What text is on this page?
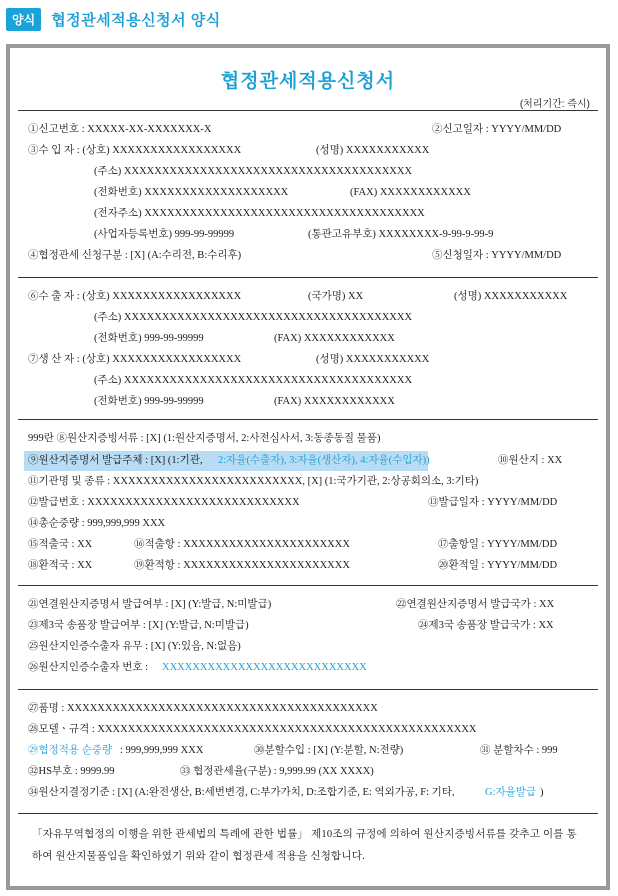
양식	협정관세적용신청서 양식
협정관세적용신청서
(처리기간: 즉시)
①신고번호 : XXXXX-XX-XXXXXXX-X	②신고일자 : YYYY/MM/DD
③수 입 자 : (상호) XXXXXXXXXXXXXXXXX	(성명) XXXXXXXXXXX
(주소) XXXXXXXXXXXXXXXXXXXXXXXXXXXXXXXXXXXXXX
(전화번호) XXXXXXXXXXXXXXXXXXX	(FAX) XXXXXXXXXXXX
(전자주소) XXXXXXXXXXXXXXXXXXXXXXXXXXXXXXXXXXXXX
(사업자등록번호) 999-99-99999	(통관고유부호) XXXXXXXX-9-99-9-99-9
④협정관세 신청구분 : [X] (A:수리전, B:수리후)	⑤신청일자 : YYYY/MM/DD
⑥수 출 자 : (상호) XXXXXXXXXXXXXXXXX	(국가명) XX	(성명) XXXXXXXXXXX
(주소) XXXXXXXXXXXXXXXXXXXXXXXXXXXXXXXXXXXXXX
(전화번호) 999-99-99999	(FAX) XXXXXXXXXXXX
⑦생 산 자 : (상호) XXXXXXXXXXXXXXXXX	(성명) XXXXXXXXXXX
(주소) XXXXXXXXXXXXXXXXXXXXXXXXXXXXXXXXXXXXXX
(전화번호) 999-99-99999	(FAX) XXXXXXXXXXXX
999란 ⑧원산지증빙서류 : [X] (1:원산지증명서, 2:사전심사서, 3:동종동질 물품)
⑨원산지증명서 발급주체 : [X] (1:기관, 2:자율(수출자), 3:자율(생산자), 4:자율(수입자))	⑩원산지 : XX
⑪기관명 및 종류 : XXXXXXXXXXXXXXXXXXXXXXXXX, [X] (1:국가기관, 2:상공회의소, 3:기타)
⑫발급번호 : XXXXXXXXXXXXXXXXXXXXXXXXXXXX	⑬발급일자 : YYYY/MM/DD
⑭총순중량 : 999,999,999 XXX
⑮적출국 : XX	⑯적출항 : XXXXXXXXXXXXXXXXXXXXXX	⑰출항일 : YYYY/MM/DD
⑱환적국 : XX	⑲환적항 : XXXXXXXXXXXXXXXXXXXXXX	⑳환적일 : YYYY/MM/DD
㉑연결원산지증명서 발급여부 : [X] (Y:발급, N:미발급)	㉒연결원산지증명서 발급국가 : XX
㉓제3국 송품장 발급여부 : [X] (Y:발급, N:미발급)	㉔제3국 송품장 발급국가 : XX
㉕원산지인증수출자 유무 : [X] (Y:있음, N:없음)
㉖원산지인증수출자 번호 : XXXXXXXXXXXXXXXXXXXXXXXXXXX
㉗품명 : XXXXXXXXXXXXXXXXXXXXXXXXXXXXXXXXXXXXXXXXX
㉘모델ㆍ규격 : XXXXXXXXXXXXXXXXXXXXXXXXXXXXXXXXXXXXXXXXXXXXXXXXXX
㉙협정적용 순중량 : 999,999,999 XXX	㉚분할수입 : [X] (Y:분할, N:전량)	㉛ 분할차수 : 999
㉜HS부호 : 9999.99	㉝ 협정관세율(구분) : 9,999.99 (XX XXXX)
㉞원산지결정기준 : [X] (A:완전생산, B:세번변경, C:부가가치, D:조합기준, E: 역외가공, F: 기타,	G:자율발급 )
「자유무역협정의 이행을 위한 관세법의 특례에 관한 법률」 제10조의 규정에 의하여 원산지증빙서류를 갖추고 이를 통하여 원산지물품임을 확인하였기 위와 같이 협정관세 적용을 신청합니다.
